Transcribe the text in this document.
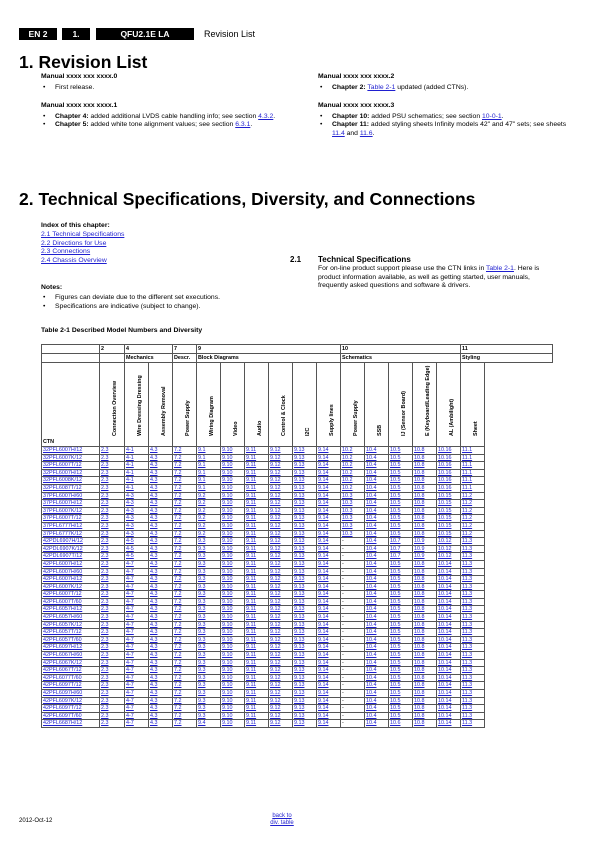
EN 2	1.	QFU2.1E LA	Revision List
1. Revision List
Manual xxxx xxx xxxx.0
• First release.
Manual xxxx xxx xxxx.1
• Chapter 4: added additional LVDS cable handling info; see section 4.3.2.
• Chapter 5: added white tone alignment values; see section 6.3.1.
Manual xxxx xxx xxxx.2
• Chapter 2: Table 2-1 updated (added CTNs).
Manual xxxx xxx xxxx.3
• Chapter 10: added PSU schematics; see section 10-0-1.
• Chapter 11: added styling sheets Infinity models 42" and 47" sets; see sheets 11.4 and 11.6.
2. Technical Specifications, Diversity, and Connections
Index of this chapter:
2.1 Technical Specifications
2.2 Directions for Use
2.3 Connections
2.4 Chassis Overview
Notes:
• Figures can deviate due to the different set executions.
• Specifications are indicative (subject to change).
2.1 Technical Specifications
For on-line product support please use the CTN links in Table 2-1. Here is product information available, as well as getting started, user manuals, frequently asked questions and software & drivers.
Table 2-1 Described Model Numbers and Diversity
	2	4		7	9						10					11
		Mechanics		Descr.	Block Diagrams						Schematics					Styling
CTN	Connection Overview	Wire Dressing Dressing	Assembly Removal	Power Supply	Wiring Diagram	Video	Audio	Control & Clock	I2C	Supply lines	Power Supply	SSB	IJ (Sensor Board)	E (Keyboard/Leading Edge)	AL (Ambilight)	Sheet

32PFL6007H/12	2.3	4-1	4.3	7.2	9.1	9.10	9.11	9.12	9.13	9.14	10.2	10.4	10.5	10.8	10.16	11.1
32PFL6007K/12	2.3	4-1	4.3	7.2	9.1	9.10	9.11	9.12	9.13	9.14	10.2	10.4	10.5	10.8	10.16	11.1
32PFL6007T/12	2.3	4-1	4.3	7.2	9.1	9.10	9.11	9.12	9.13	9.14	10.2	10.4	10.5	10.8	10.16	11.1
32PFL6007H/12	2.3	4-1	4.3	7.2	9.1	9.10	9.11	9.12	9.13	9.14	10.2	10.4	10.5	10.8	10.16	11.1
32PFL6008K/12	2.3	4-1	4.3	7.2	9.1	9.10	9.11	9.12	9.13	9.14	10.2	10.4	10.5	10.8	10.16	11.1
32PFL6087T/12	2.3	4-1	4.3	7.2	9.1	9.10	9.11	9.12	9.13	9.14	10.2	10.4	10.5	10.8	10.16	11.1
37PFL6007H/60	2.3	4-3	4.3	7.2	9.2	9.10	9.11	9.12	9.13	9.14	10.3	10.4	10.5	10.8	10.15	11.2
37PFL6007H/12	2.3	4-3	4.3	7.2	9.2	9.10	9.11	9.12	9.13	9.14	10.3	10.4	10.5	10.8	10.15	11.2
37PFL6007K/12	2.3	4-3	4.3	7.2	9.2	9.10	9.11	9.12	9.13	9.14	10.3	10.4	10.5	10.8	10.15	11.2
37PFL6007T/12	2.3	4-3	4.3	7.2	9.2	9.10	9.11	9.12	9.13	9.14	10.3	10.4	10.5	10.8	10.15	11.2
37PFL6777H/12	2.3	4-3	4.3	7.2	9.2	9.10	9.11	9.12	9.13	9.14	10.3	10.4	10.5	10.8	10.15	11.2
37PFL6777K/12	2.3	4-3	4.3	7.2	9.2	9.10	9.11	9.12	9.13	9.14	10.3	10.4	10.5	10.8	10.15	11.2
42PDL6907H/12	2.3	4-5	4.3	7.2	9.3	9.10	9.11	9.12	9.13	9.14	-	10.4	10.7	10.9	10.12	11.3
42PDL6907K/12	2.3	4-5	4.3	7.2	9.3	9.10	9.11	9.12	9.13	9.14	-	10.4	10.7	10.9	10.12	11.3
42PDL6907T/12	2.3	4-5	4.3	7.2	9.3	9.10	9.11	9.12	9.13	9.14	-	10.4	10.7	10.9	10.12	11.3
42PFL6007H/12	2.3	4-7	4.3	7.2	9.3	9.10	9.11	9.12	9.13	9.14	-	10.4	10.5	10.8	10.14	11.3
42PFL6007H/60	2.3	4-7	4.3	7.2	9.3	9.10	9.11	9.12	9.13	9.14	-	10.4	10.5	10.8	10.14	11.3
42PFL6007H/12	2.3	4-7	4.3	7.2	9.3	9.10	9.11	9.12	9.13	9.14	-	10.4	10.5	10.8	10.14	11.3
42PFL6007K/12	2.3	4-7	4.3	7.2	9.3	9.10	9.11	9.12	9.13	9.14	-	10.4	10.5	10.8	10.14	11.3
42PFL6007T/12	2.3	4-7	4.3	7.2	9.3	9.10	9.11	9.12	9.13	9.14	-	10.4	10.5	10.8	10.14	11.3
42PFL6007T/60	2.3	4-7	4.3	7.2	9.3	9.10	9.11	9.12	9.13	9.14	-	10.4	10.5	10.8	10.14	11.3
42PFL6057H/12	2.3	4-7	4.3	7.2	9.3	9.10	9.11	9.12	9.13	9.14	-	10.4	10.5	10.8	10.14	11.3
42PFL6057H/60	2.3	4-7	4.3	7.2	9.3	9.10	9.11	9.12	9.13	9.14	-	10.4	10.5	10.8	10.14	11.3
42PFL6057K/12	2.3	4-7	4.3	7.2	9.3	9.10	9.11	9.12	9.13	9.14	-	10.4	10.5	10.8	10.14	11.3
42PFL6057T/12	2.3	4-7	4.3	7.2	9.3	9.10	9.11	9.12	9.13	9.14	-	10.4	10.5	10.8	10.14	11.3
42PFL6057T/60	2.3	4-7	4.3	7.2	9.3	9.10	9.11	9.12	9.13	9.14	-	10.4	10.5	10.8	10.14	11.3
42PFL6097H/12	2.3	4-7	4.3	7.2	9.3	9.10	9.11	9.12	9.13	9.14	-	10.4	10.5	10.8	10.14	11.3
42PFL6067H/60	2.3	4-7	4.3	7.2	9.3	9.10	9.11	9.12	9.13	9.14	-	10.4	10.5	10.8	10.14	11.3
42PFL6067K/12	2.3	4-7	4.3	7.2	9.3	9.10	9.11	9.12	9.13	9.14	-	10.4	10.5	10.8	10.14	11.3
42PFL6067T/12	2.3	4-7	4.3	7.2	9.3	9.10	9.11	9.12	9.13	9.14	-	10.4	10.5	10.8	10.14	11.3
42PFL6077T/60	2.3	4-7	4.3	7.2	9.3	9.10	9.11	9.12	9.13	9.14	-	10.4	10.5	10.8	10.14	11.3
42PFL6097T/12	2.3	4-7	4.3	7.2	9.3	9.10	9.11	9.12	9.13	9.14	-	10.4	10.5	10.8	10.14	11.3
42PFL6097H/60	2.3	4-7	4.3	7.2	9.3	9.10	9.11	9.12	9.13	9.14	-	10.4	10.5	10.8	10.14	11.3
42PFL6097K/12	2.3	4-7	4.3	7.2	9.3	9.10	9.11	9.12	9.13	9.14	-	10.4	10.5	10.8	10.14	11.3
42PFL6097T/12	2.3	4-7	4.3	7.2	9.3	9.10	9.11	9.12	9.13	9.14	-	10.4	10.5	10.8	10.14	11.3
42PFL6097T/60	2.3	4-7	4.3	7.2	9.3	9.10	9.11	9.12	9.13	9.14	-	10.4	10.5	10.8	10.14	11.3
42PFL6687H/12	2.3	4-7	4.3	7.2	9.4	9.10	9.11	9.12	9.13	9.14	-	10.4	10.6	10.8	10.14	11.3
2012-Oct-12
back to
div. table
